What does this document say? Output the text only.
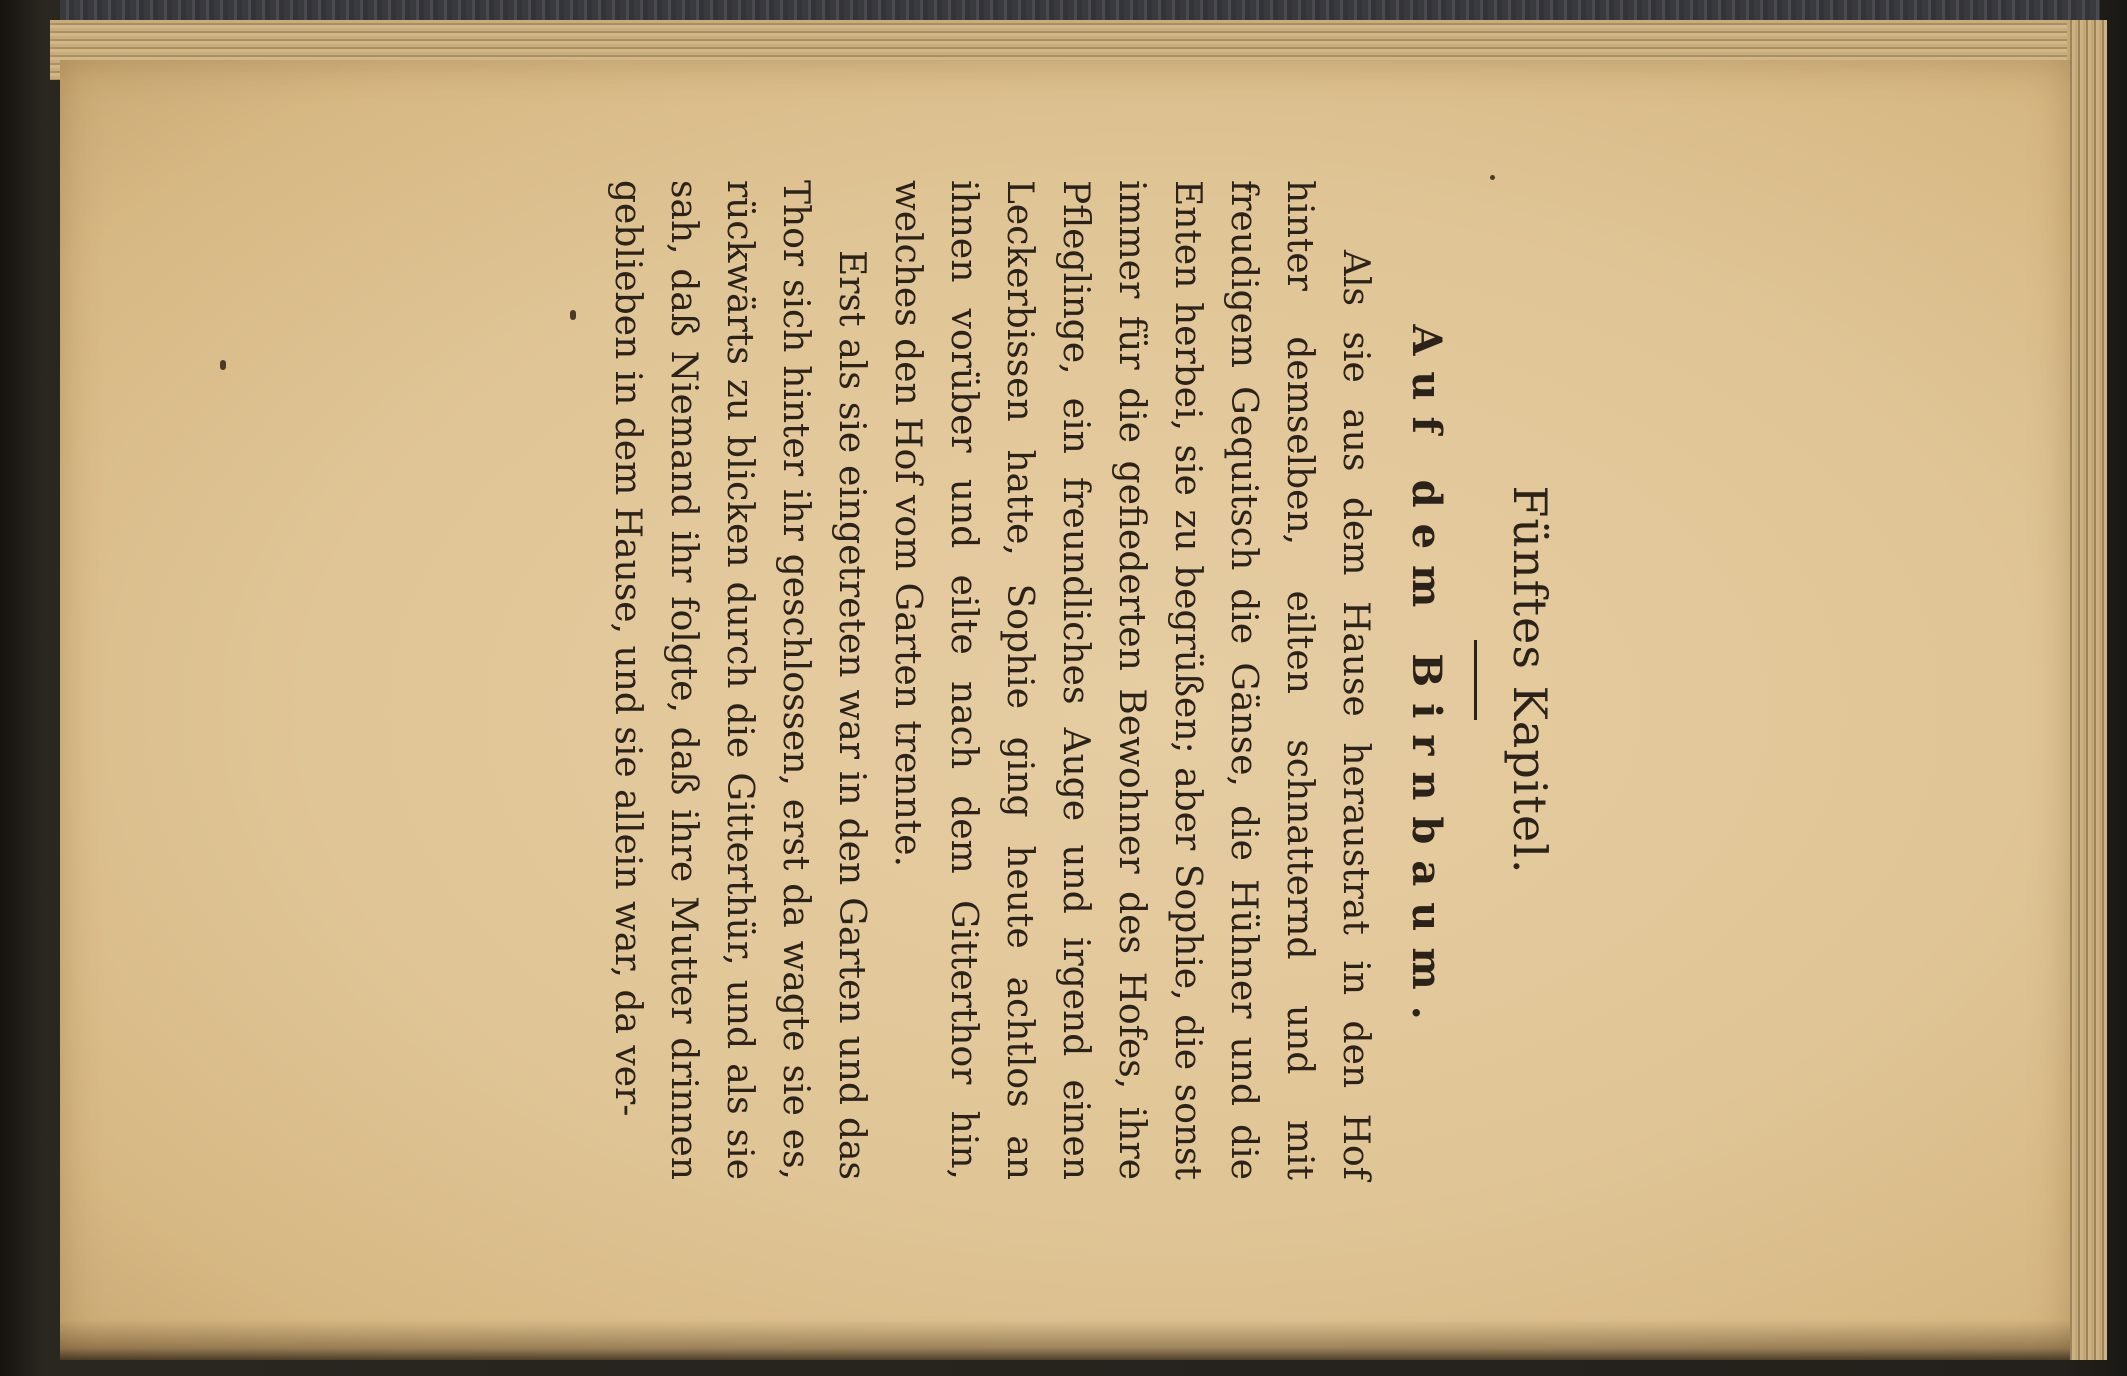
Fünftes Kapitel.
Auf dem Birnbaum.

Als sie aus dem Hause heraustrat in den Hof hinter demselben, eilten schnatternd und mit freudigem Gequitsch die Gänse, die Hühner und die Enten herbei, sie zu begrüßen; aber Sophie, die sonst immer für die gefiederten Bewohner des Hofes, ihre Pfleglinge, ein freundliches Auge und irgend einen Leckerbissen hatte, Sophie ging heute achtlos an ihnen vorüber und eilte nach dem Gitterthor hin, welches den Hof vom Garten trennte.

Erst als sie eingetreten war in den Garten und das Thor sich hinter ihr geschlossen, erst da wagte sie es, rückwärts zu blicken durch die Gitterthür, und als sie sah, daß Niemand ihr folgte, daß ihre Mutter drinnen geblieben in dem Hause, und sie allein war, da ver-
